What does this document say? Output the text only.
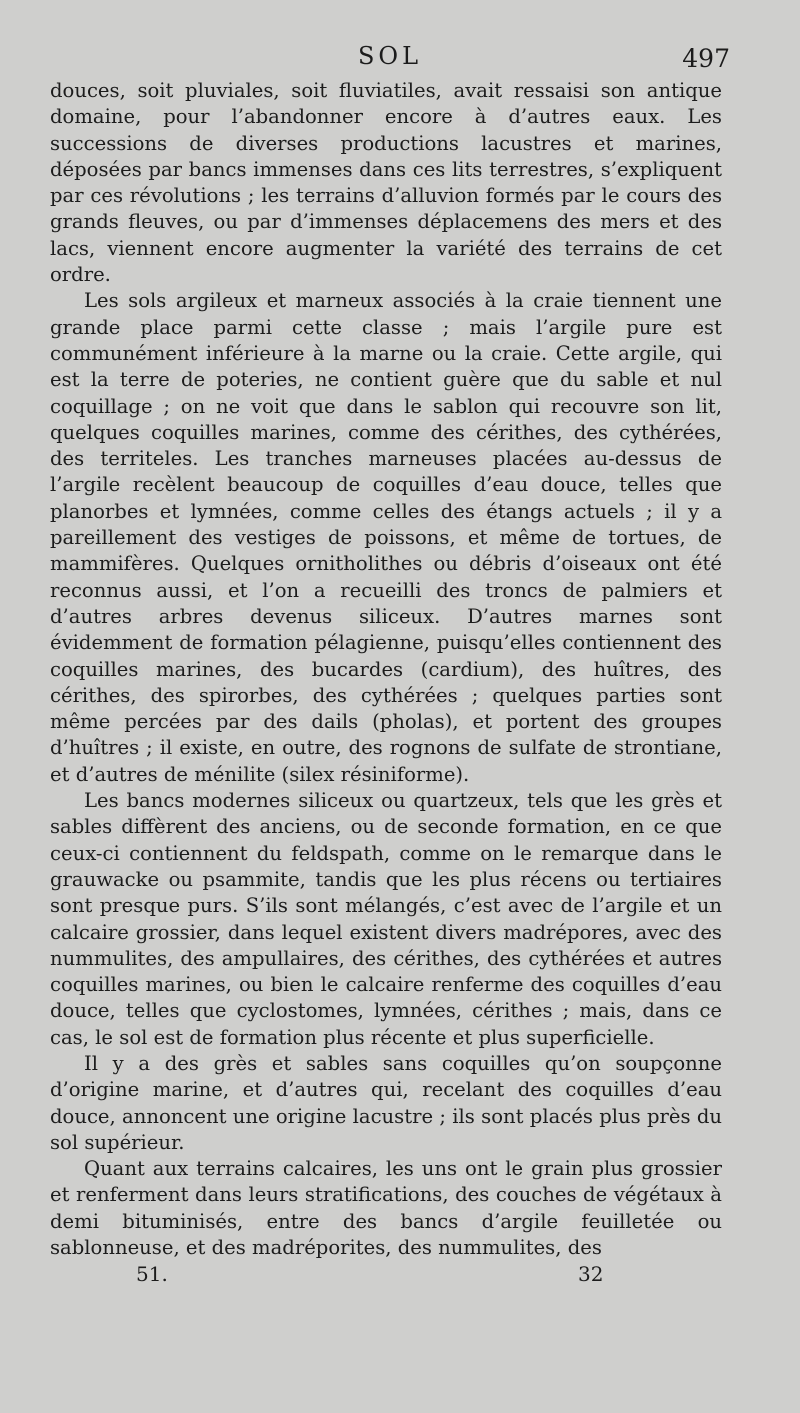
SOL	497

douces, soit pluviales, soit fluviatiles, avait ressaisi son antique domaine, pour l’abandonner encore à d’autres eaux. Les successions de diverses productions lacustres et marines, déposées par bancs immenses dans ces lits terrestres, s’expliquent par ces révolutions ; les terrains d’alluvion formés par le cours des grands fleuves, ou par d’immenses déplacemens des mers et des lacs, viennent encore augmenter la variété des terrains de cet ordre.

Les sols argileux et marneux associés à la craie tiennent une grande place parmi cette classe ; mais l’argile pure est communément inférieure à la marne ou la craie. Cette argile, qui est la terre de poteries, ne contient guère que du sable et nul coquillage ; on ne voit que dans le sablon qui recouvre son lit, quelques coquilles marines, comme des cérithes, des cythérées, des territeles. Les tranches marneuses placées au-dessus de l’argile recèlent beaucoup de coquilles d’eau douce, telles que planorbes et lymnées, comme celles des étangs actuels ; il y a pareillement des vestiges de poissons, et même de tortues, de mammifères. Quelques ornitholithes ou débris d’oiseaux ont été reconnus aussi, et l’on a recueilli des troncs de palmiers et d’autres arbres devenus siliceux. D’autres marnes sont évidemment de formation pélagienne, puisqu’elles contiennent des coquilles marines, des bucardes (cardium), des huîtres, des cérithes, des spirorbes, des cythérées ; quelques parties sont même percées par des dails (pholas), et portent des groupes d’huîtres ; il existe, en outre, des rognons de sulfate de strontiane, et d’autres de ménilite (silex résiniforme).

Les bancs modernes siliceux ou quartzeux, tels que les grès et sables diffèrent des anciens, ou de seconde formation, en ce que ceux-ci contiennent du feldspath, comme on le remarque dans le grauwacke ou psammite, tandis que les plus récens ou tertiaires sont presque purs. S’ils sont mélangés, c’est avec de l’argile et un calcaire grossier, dans lequel existent divers madrépores, avec des nummulites, des ampullaires, des cérithes, des cythérées et autres coquilles marines, ou bien le calcaire renferme des coquilles d’eau douce, telles que cyclostomes, lymnées, cérithes ; mais, dans ce cas, le sol est de formation plus récente et plus superficielle.

Il y a des grès et sables sans coquilles qu’on soupçonne d’origine marine, et d’autres qui, recelant des coquilles d’eau douce, annoncent une origine lacustre ; ils sont placés plus près du sol supérieur.

Quant aux terrains calcaires, les uns ont le grain plus grossier et renferment dans leurs stratifications, des couches de végétaux à demi bituminisés, entre des bancs d’argile feuilletée ou sablonneuse, et des madréporites, des nummulites, des

51.	32
